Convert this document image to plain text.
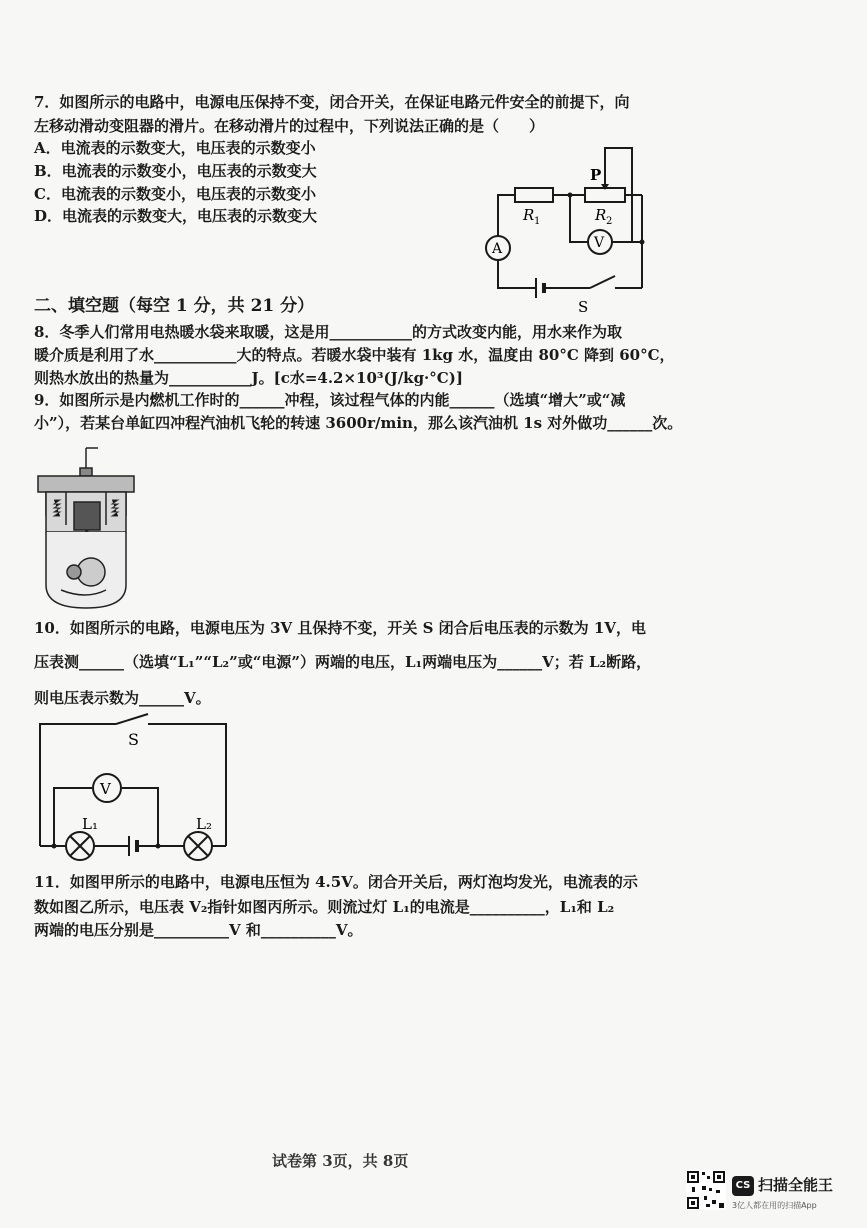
7．如图所示的电路中，电源电压保持不变，闭合开关，在保证电路元件安全的前提下，向
左移动滑动变阻器的滑片。在移动滑片的过程中，下列说法正确的是（　　）
A．电流表的示数变大，电压表的示数变小
B．电流表的示数变小，电压表的示数变大
C．电流表的示数变小，电压表的示数变小
D．电流表的示数变大，电压表的示数变大
P
R 1	R 2
A	V
S
二、填空题（每空 1 分，共 21 分）
8．冬季人们常用电热暖水袋来取暖，这是用___________的方式改变内能，用水来作为取
暖介质是利用了水___________大的特点。若暖水袋中装有 1kg 水，温度由 80°C 降到 60°C，
则热水放出的热量为___________J。[c水=4.2×10³(J/kg·°C)]
9．如图所示是内燃机工作时的______冲程，该过程气体的内能______（选填“增大”或“减
小”），若某台单缸四冲程汽油机飞轮的转速 3600r/min，那么该汽油机 1s 对外做功______次。
10．如图所示的电路，电源电压为 3V 且保持不变，开关 S 闭合后电压表的示数为 1V，电
压表测______（选填“L₁”“L₂”或“电源”）两端的电压，L₁两端电压为______V；若 L₂断路，
则电压表示数为______V。
S
V
L₁	L₂
11．如图甲所示的电路中，电源电压恒为 4.5V。闭合开关后，两灯泡均发光，电流表的示
数如图乙所示，电压表 V₂指针如图丙所示。则流过灯 L₁的电流是__________，L₁和 L₂
两端的电压分别是__________V 和__________V。
试卷第 3页，共 8页
CS 扫描全能王
3亿人都在用的扫描App
